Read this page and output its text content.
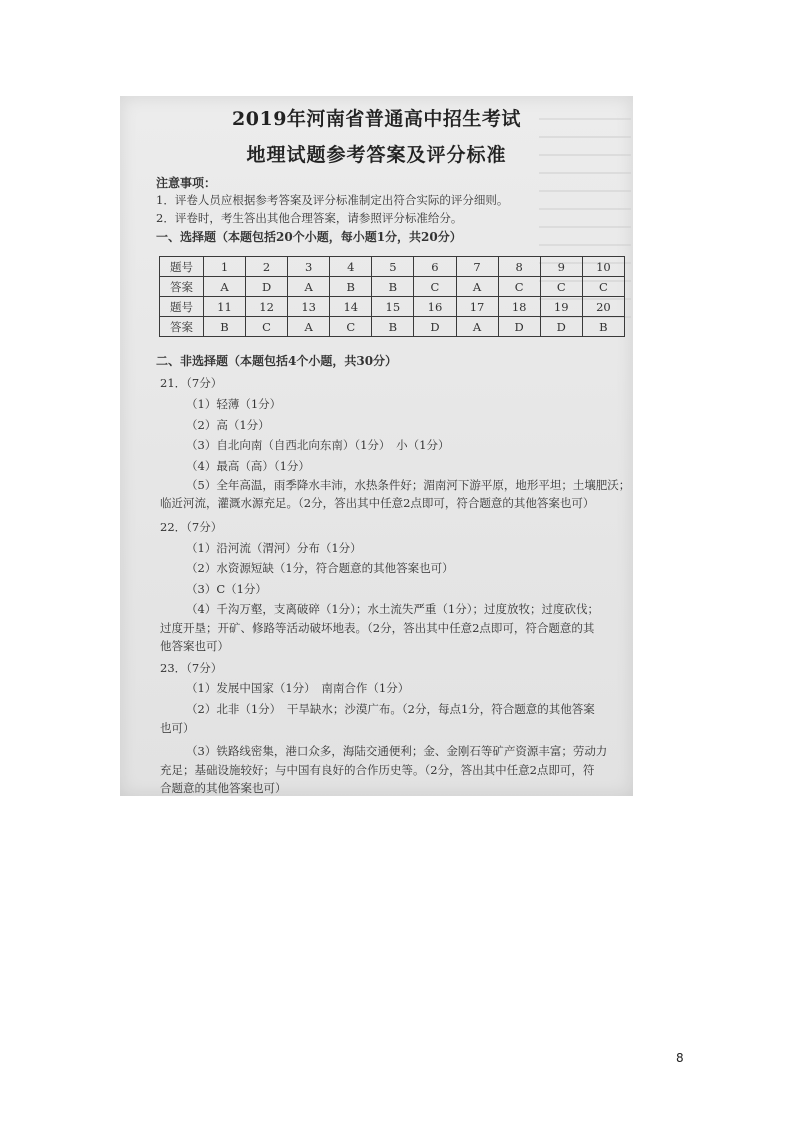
2019年河南省普通高中招生考试
地理试题参考答案及评分标准
注意事项：
1．评卷人员应根据参考答案及评分标准制定出符合实际的评分细则。
2．评卷时，考生答出其他合理答案，请参照评分标准给分。
一、选择题（本题包括20个小题，每小题1分，共20分）
题号	1	2	3	4	5	6	7	8	9	10
答案	A	D	A	B	B	C	A	C	C	C
题号	11	12	13	14	15	16	17	18	19	20
答案	B	C	A	C	B	D	A	D	D	B
二、非选择题（本题包括4个小题，共30分）
21．（7分）
（1）轻薄（1分）
（2）高（1分）
（3）自北向南（自西北向东南）（1分）　小（1分）
（4）最高（高）（1分）
（5）全年高温，雨季降水丰沛，水热条件好；湄南河下游平原，地形平坦；土壤肥沃；
临近河流，灌溉水源充足。（2分，答出其中任意2点即可，符合题意的其他答案也可）
22．（7分）
（1）沿河流（渭河）分布（1分）
（2）水资源短缺（1分，符合题意的其他答案也可）
（3）C（1分）
（4）千沟万壑，支离破碎（1分）；水土流失严重（1分）；过度放牧；过度砍伐；
过度开垦；开矿、修路等活动破坏地表。（2分，答出其中任意2点即可，符合题意的其
他答案也可）
23．（7分）
（1）发展中国家（1分）　南南合作（1分）
（2）北非（1分）　干旱缺水；沙漠广布。（2分，每点1分，符合题意的其他答案
也可）
（3）铁路线密集，港口众多，海陆交通便利；金、金刚石等矿产资源丰富；劳动力
充足；基础设施较好；与中国有良好的合作历史等。（2分，答出其中任意2点即可，符
合题意的其他答案也可）
8
